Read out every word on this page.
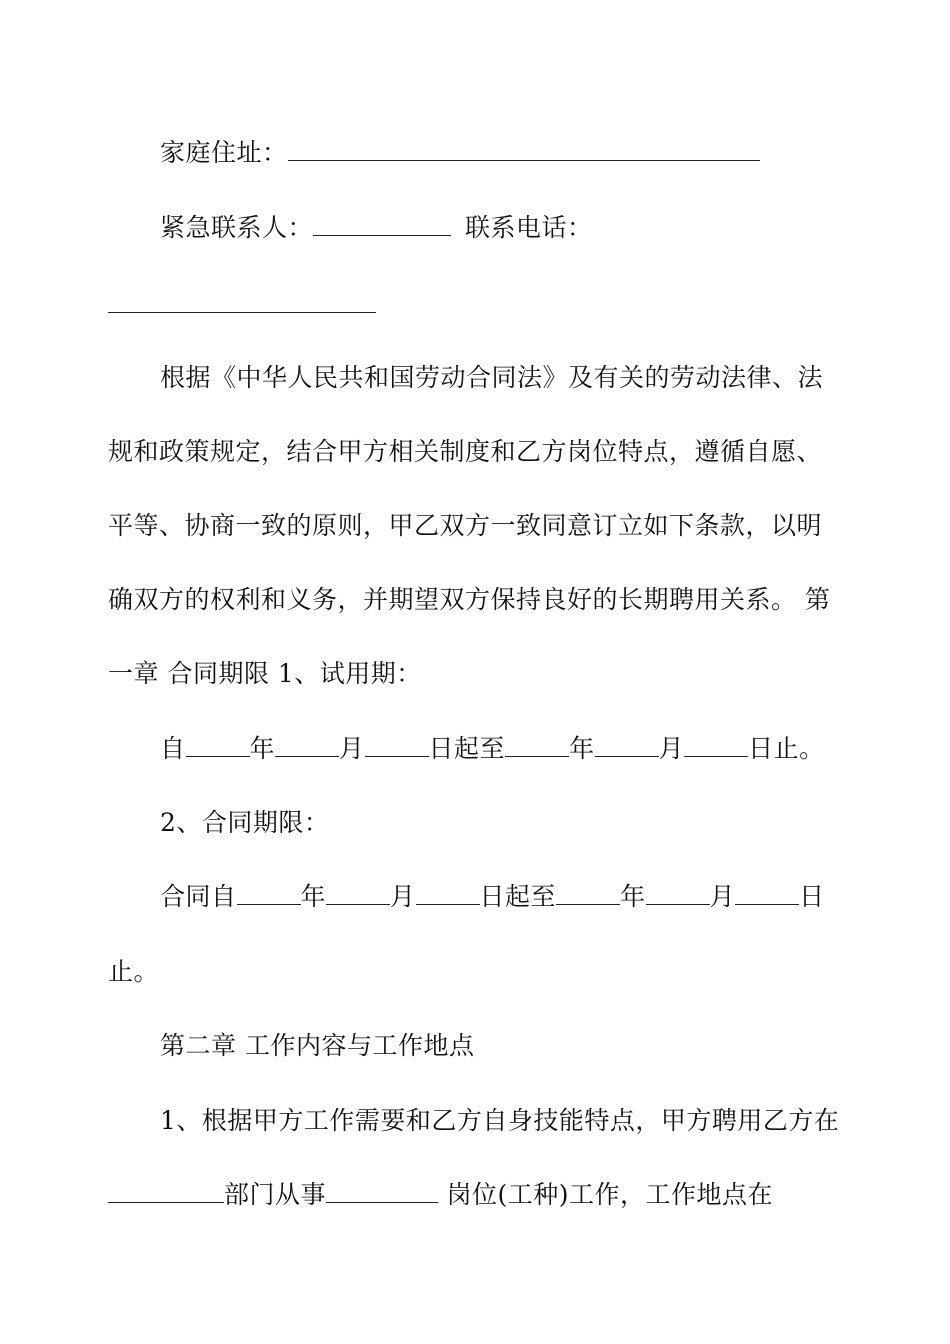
家庭住址：
紧急联系人：	联系电话：
根据《中华人民共和国劳动合同法》及有关的劳动法律、法
规和政策规定，结合甲方相关制度和乙方岗位特点，遵循自愿、
平等、协商一致的原则，甲乙双方一致同意订立如下条款，以明
确双方的权利和义务，并期望双方保持良好的长期聘用关系。 第
一章 合同期限 1、试用期：
自	年	月	日起至	年	月	日止。
2、合同期限：
合同自	年	月	日起至	年	月	日
止。
第二章 工作内容与工作地点
1、根据甲方工作需要和乙方自身技能特点，甲方聘用乙方在
部门从事	岗位(工种)工作，工作地点在
